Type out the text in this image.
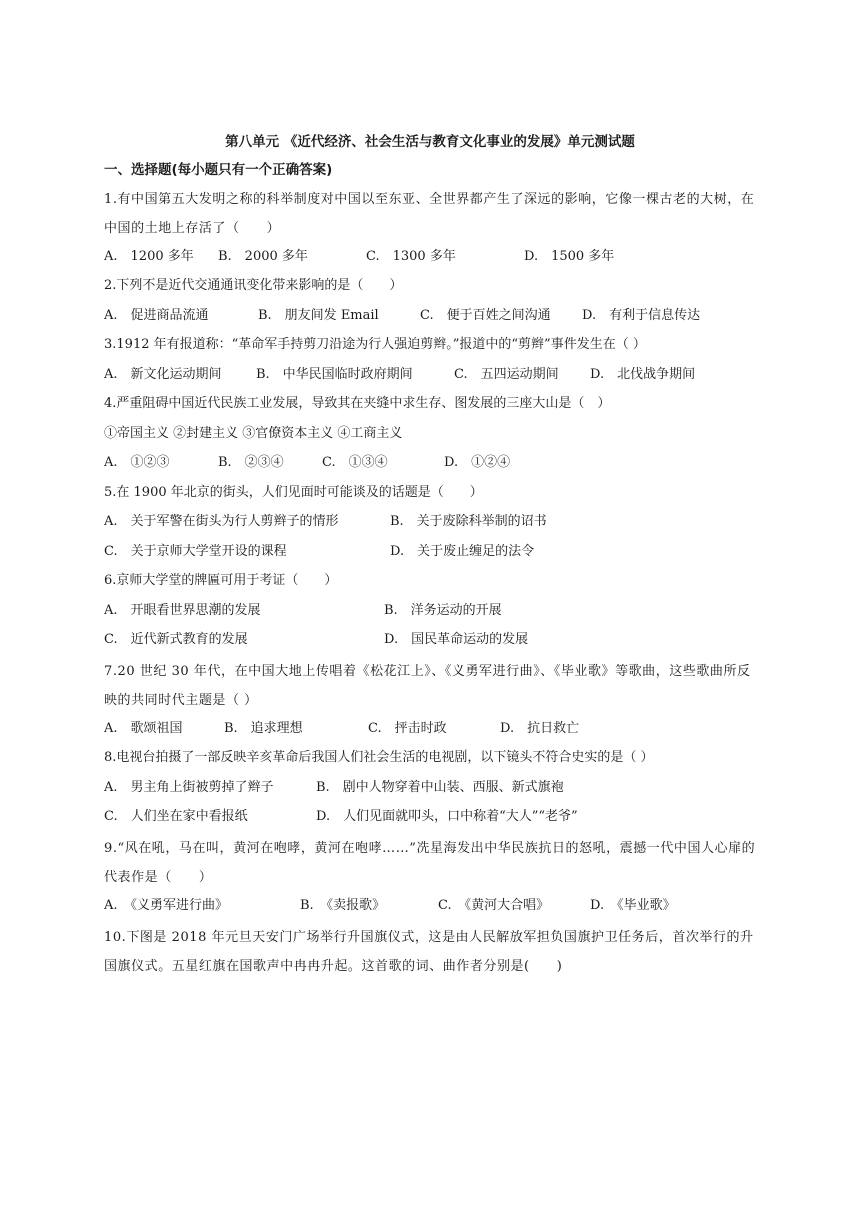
第八单元 《近代经济、社会生活与教育文化事业的发展》单元测试题
一、选择题(每小题只有一个正确答案)
1.有中国第五大发明之称的科举制度对中国以至东亚、全世界都产生了深远的影响，它像一棵古老的大树，在中国的土地上存活了（　　）
A.　1200 多年 B.　2000 多年	C.　1300 多年	D.　1500 多年
2.下列不是近代交通通讯变化带来影响的是（　　）
A.　促进商品流通	B.　朋友间发 Email	C.　便于百姓之间沟通 D.　有利于信息传达
3.1912 年有报道称：“革命军手持剪刀沿途为行人强迫剪辫。”报道中的“剪辫”事件发生在（ ）
A.　新文化运动期间	B.　中华民国临时政府期间	C.　五四运动期间 D.　北伐战争期间
4.严重阻碍中国近代民族工业发展，导致其在夹缝中求生存、图发展的三座大山是（　）
①帝国主义 ②封建主义 ③官僚资本主义 ④工商主义
A.　①②③	B.　②③④	C.　①③④	D.　①②④
5.在 1900 年北京的街头，人们见面时可能谈及的话题是（　　）
A.　关于军警在街头为行人剪辫子的情形	B.　关于废除科举制的诏书
C.　关于京师大学堂开设的课程	D.　关于废止缠足的法令
6.京师大学堂的牌匾可用于考证（　　）
A.　开眼看世界思潮的发展	B.　洋务运动的开展
C.　近代新式教育的发展	D.　国民革命运动的发展
7.20 世纪 30 年代，在中国大地上传唱着《松花江上》、《义勇军进行曲》、《毕业歌》等歌曲，这些歌曲所反映的共同时代主题是（ ）
A.　歌颂祖国	B.　追求理想	C.　抨击时政	D.　抗日救亡
8.电视台拍摄了一部反映辛亥革命后我国人们社会生活的电视剧，以下镜头不符合史实的是（ ）
A.　男主角上街被剪掉了辫子	B.　剧中人物穿着中山装、西服、新式旗袍
C.　人们坐在家中看报纸	D.　人们见面就叩头，口中称着“大人”“老爷”
9.“风在吼，马在叫，黄河在咆哮，黄河在咆哮……”冼星海发出中华民族抗日的怒吼，震撼一代中国人心扉的代表作是（　　）
A.　《义勇军进行曲》	B.　《卖报歌》	C.　《黄河大合唱》	D.　《毕业歌》
10.下图是 2018 年元旦天安门广场举行升国旗仪式，这是由人民解放军担负国旗护卫任务后，首次举行的升国旗仪式。五星红旗在国歌声中冉冉升起。这首歌的词、曲作者分别是(　　)
